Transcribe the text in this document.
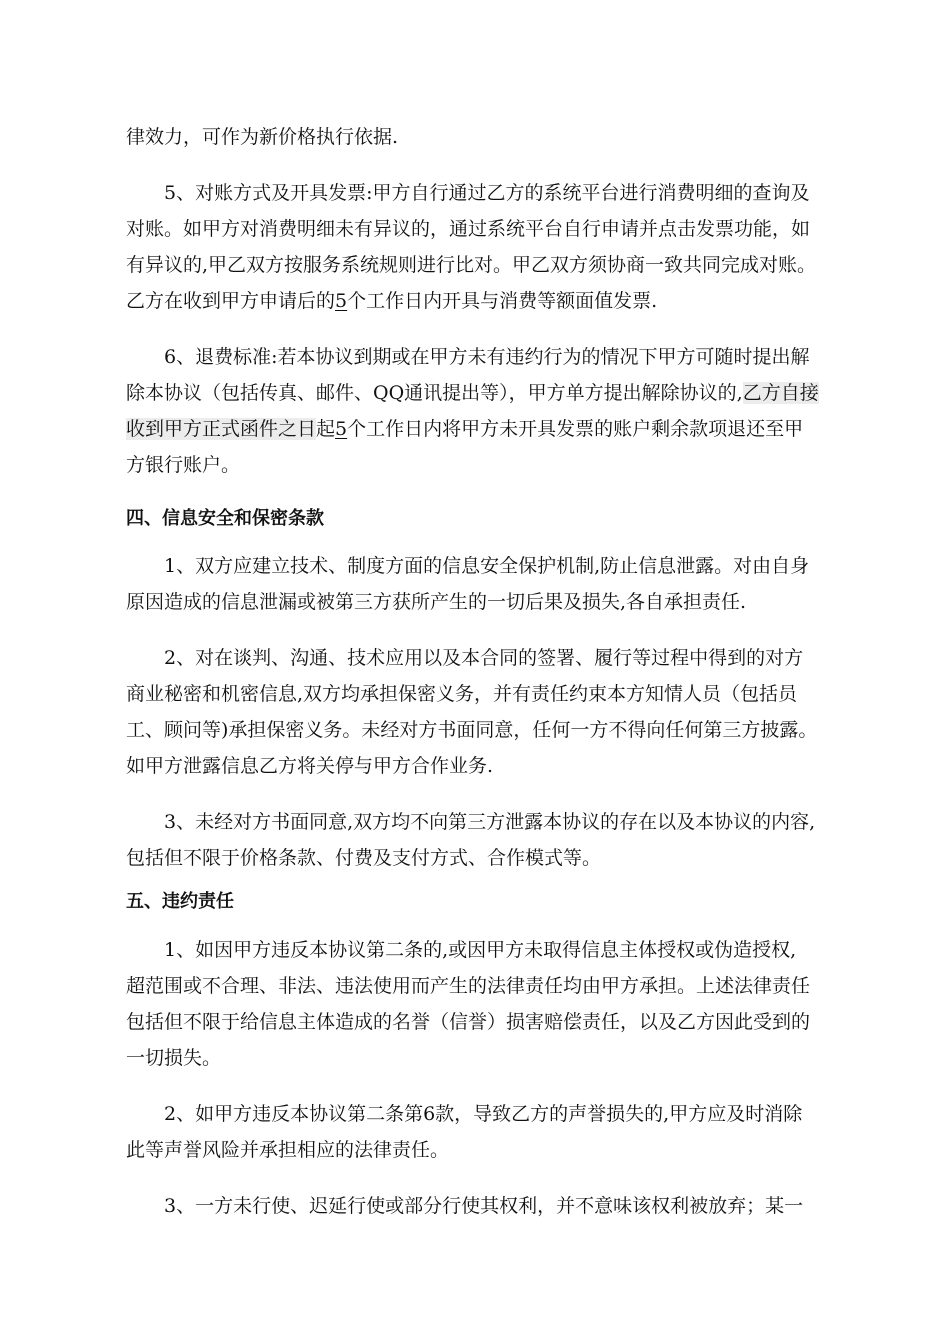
律效力，可作为新价格执行依据.
5、对账方式及开具发票:甲方自行通过乙方的系统平台进行消费明细的查询及
对账。如甲方对消费明细未有异议的，通过系统平台自行申请并点击发票功能，如
有异议的,甲乙双方按服务系统规则进行比对。甲乙双方须协商一致共同完成对账。
乙方在收到甲方申请后的5个工作日内开具与消费等额面值发票.
6、退费标准:若本协议到期或在甲方未有违约行为的情况下甲方可随时提出解
除本协议（包括传真、邮件、QQ通讯提出等），甲方单方提出解除协议的,乙方自接
收到甲方正式函件之日起5个工作日内将甲方未开具发票的账户剩余款项退还至甲
方银行账户。
四、信息安全和保密条款
1、双方应建立技术、制度方面的信息安全保护机制,防止信息泄露。对由自身
原因造成的信息泄漏或被第三方获所产生的一切后果及损失,各自承担责任.
2、对在谈判、沟通、技术应用以及本合同的签署、履行等过程中得到的对方
商业秘密和机密信息,双方均承担保密义务，并有责任约束本方知情人员（包括员
工、顾问等)承担保密义务。未经对方书面同意，任何一方不得向任何第三方披露。
如甲方泄露信息乙方将关停与甲方合作业务.
3、未经对方书面同意,双方均不向第三方泄露本协议的存在以及本协议的内容,
包括但不限于价格条款、付费及支付方式、合作模式等。
五、违约责任
1、如因甲方违反本协议第二条的,或因甲方未取得信息主体授权或伪造授权,
超范围或不合理、非法、违法使用而产生的法律责任均由甲方承担。上述法律责任
包括但不限于给信息主体造成的名誉（信誉）损害赔偿责任，以及乙方因此受到的
一切损失。
2、如甲方违反本协议第二条第6款，导致乙方的声誉损失的,甲方应及时消除
此等声誉风险并承担相应的法律责任。
3、一方未行使、迟延行使或部分行使其权利，并不意味该权利被放弃；某一
